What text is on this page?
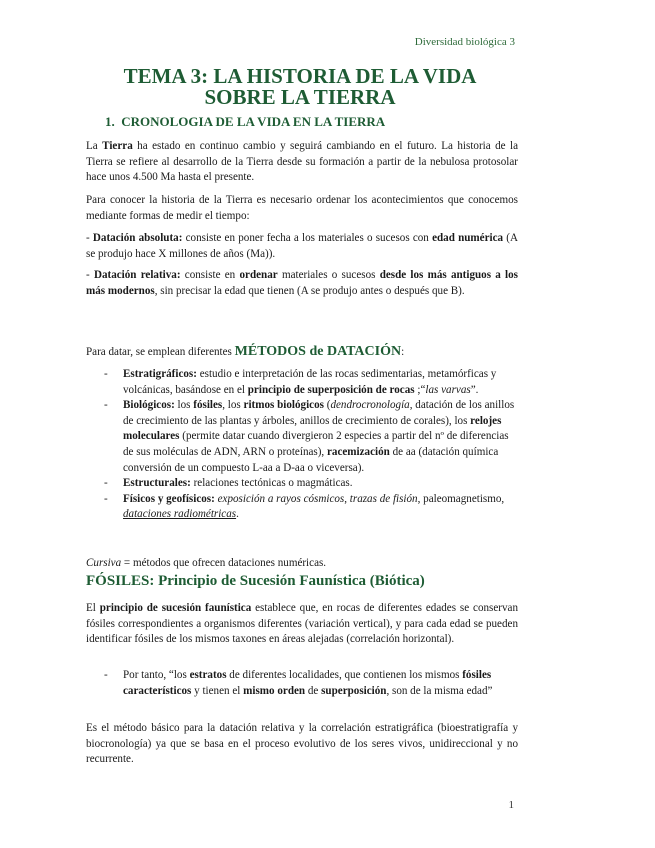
Diversidad biológica 3
TEMA 3: LA HISTORIA DE LA VIDA
SOBRE LA TIERRA
1. CRONOLOGIA DE LA VIDA EN LA TIERRA

La Tierra ha estado en continuo cambio y seguirá cambiando en el futuro. La historia de la Tierra se refiere al desarrollo de la Tierra desde su formación a partir de la nebulosa protosolar hace unos 4.500 Ma hasta el presente.

Para conocer la historia de la Tierra es necesario ordenar los acontecimientos que conocemos mediante formas de medir el tiempo:

- Datación absoluta: consiste en poner fecha a los materiales o sucesos con edad numérica (A se produjo hace X millones de años (Ma)).

- Datación relativa: consiste en ordenar materiales o sucesos desde los más antiguos a los más modernos, sin precisar la edad que tienen (A se produjo antes o después que B).

Para datar, se emplean diferentes MÉTODOS de DATACIÓN:

- Estratigráficos: estudio e interpretación de las rocas sedimentarias, metamórficas y volcánicas, basándose en el principio de superposición de rocas ;“las varvas”.
- Biológicos: los fósiles, los ritmos biológicos (dendrocronología, datación de los anillos de crecimiento de las plantas y árboles, anillos de crecimiento de corales), los relojes moleculares (permite datar cuando divergieron 2 especies a partir del nº de diferencias de sus moléculas de ADN, ARN o proteínas), racemización de aa (datación química conversión de un compuesto L-aa a D-aa o viceversa).
- Estructurales: relaciones tectónicas o magmáticas.
- Físicos y geofísicos: exposición a rayos cósmicos, trazas de fisión, paleomagnetismo, dataciones radiométricas.

Cursiva = métodos que ofrecen dataciones numéricas.

FÓSILES: Principio de Sucesión Faunística (Biótica)

El principio de sucesión faunística establece que, en rocas de diferentes edades se conservan fósiles correspondientes a organismos diferentes (variación vertical), y para cada edad se pueden identificar fósiles de los mismos taxones en áreas alejadas (correlación horizontal).

- Por tanto, “los estratos de diferentes localidades, que contienen los mismos fósiles característicos y tienen el mismo orden de superposición, son de la misma edad”

Es el método básico para la datación relativa y la correlación estratigráfica (bioestratigrafía y biocronología) ya que se basa en el proceso evolutivo de los seres vivos, unidireccional y no recurrente.

1
